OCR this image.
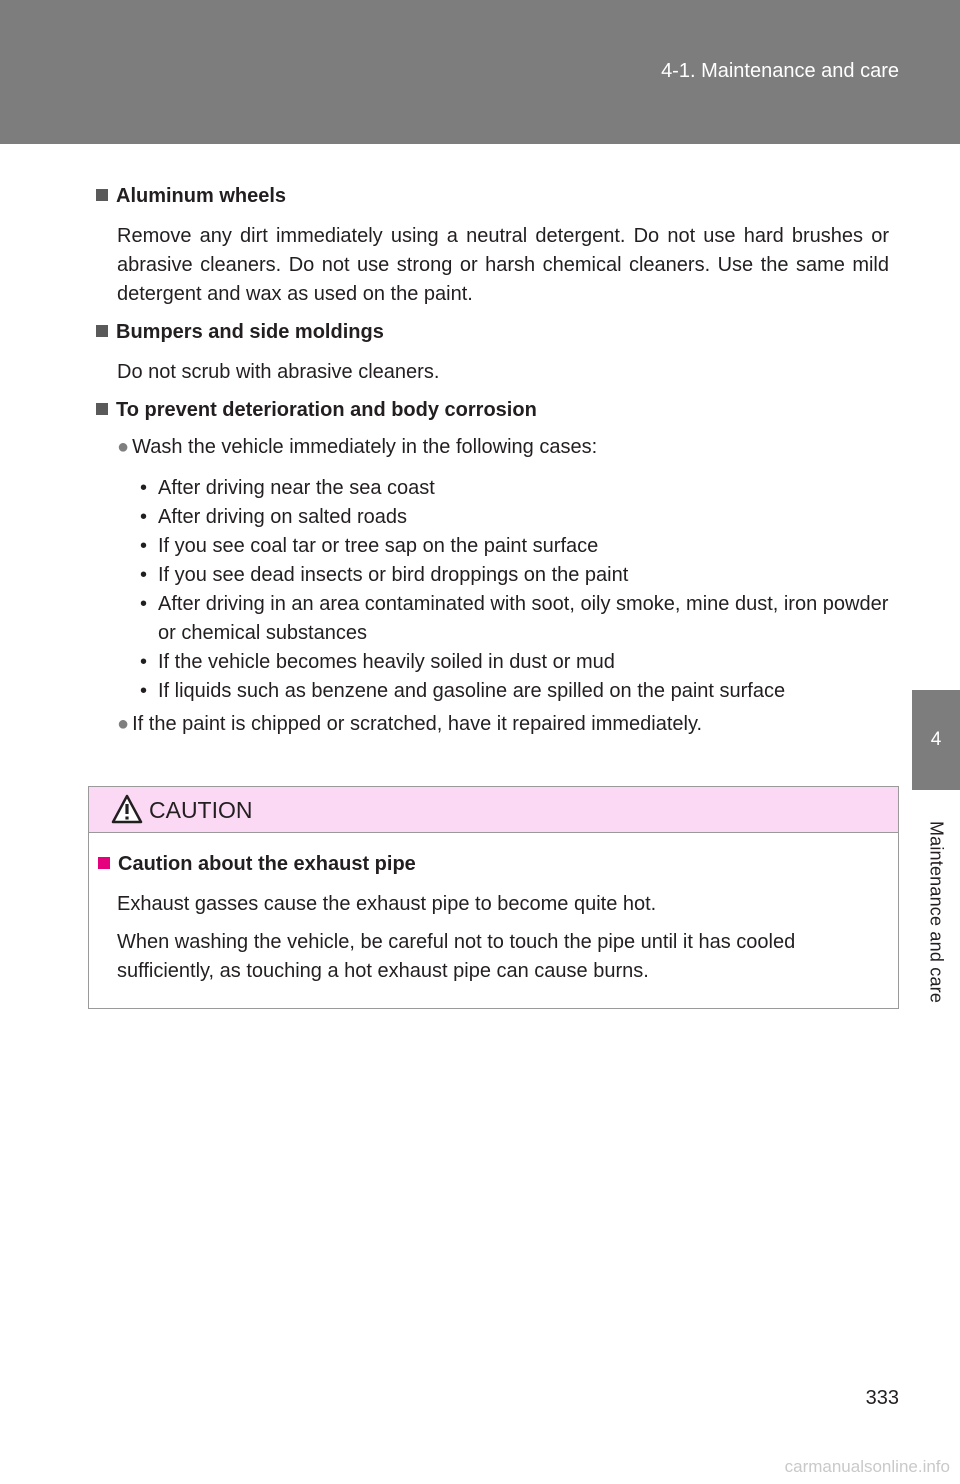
4-1. Maintenance and care
4
Maintenance and care
Aluminum wheels
Remove any dirt immediately using a neutral detergent. Do not use hard brushes or abrasive cleaners. Do not use strong or harsh chemical cleaners. Use the same mild detergent and wax as used on the paint.
Bumpers and side moldings
Do not scrub with abrasive cleaners.
To prevent deterioration and body corrosion
● Wash the vehicle immediately in the following cases:
• After driving near the sea coast
• After driving on salted roads
• If you see coal tar or tree sap on the paint surface
• If you see dead insects or bird droppings on the paint
• After driving in an area contaminated with soot, oily smoke, mine dust, iron powder or chemical substances
• If the vehicle becomes heavily soiled in dust or mud
• If liquids such as benzene and gasoline are spilled on the paint surface
● If the paint is chipped or scratched, have it repaired immediately.
CAUTION
Caution about the exhaust pipe
Exhaust gasses cause the exhaust pipe to become quite hot.
When washing the vehicle, be careful not to touch the pipe until it has cooled sufficiently, as touching a hot exhaust pipe can cause burns.
333
carmanualsonline.info
